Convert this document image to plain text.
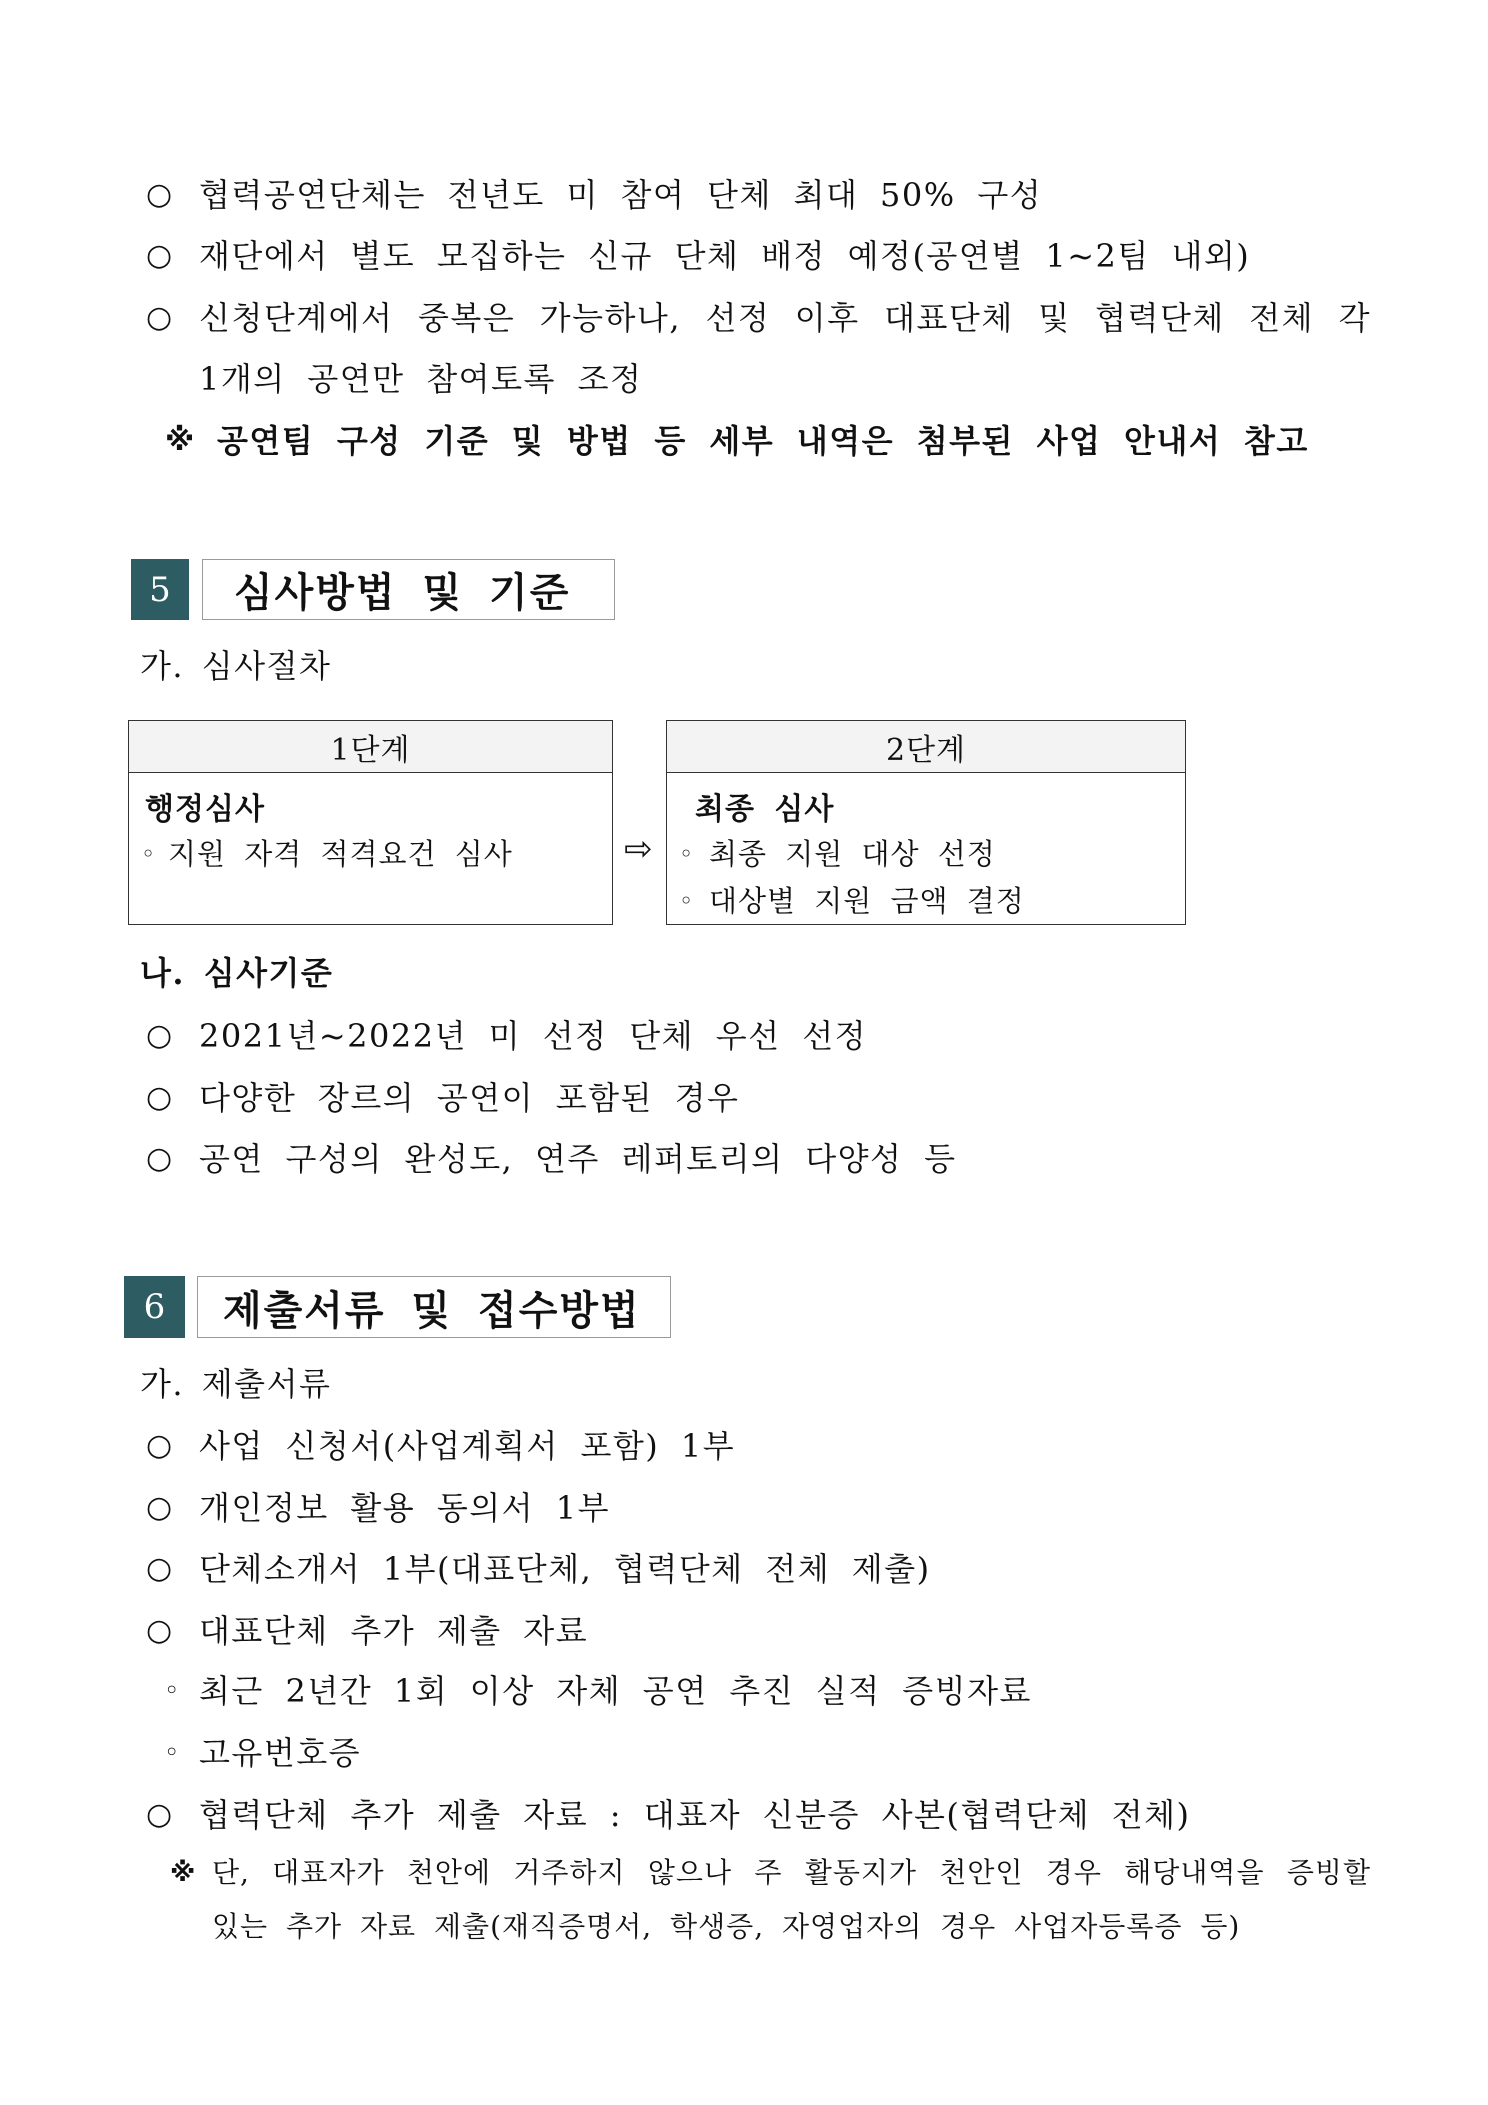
○ 협력공연단체는 전년도 미 참여 단체 최대 50% 구성
○ 재단에서 별도 모집하는 신규 단체 배정 예정(공연별 1~2팀 내외)
○ 신청단계에서 중복은 가능하나, 선정 이후 대표단체 및 협력단체 전체 각
1개의 공연만 참여토록 조정
※ 공연팀 구성 기준 및 방법 등 세부 내역은 첨부된 사업 안내서 참고
5	심사방법 및 기준
가. 심사절차
1단계
행정심사
◦ 지원 자격 적격요건 심사	⇨
2단계
최종 심사
◦ 최종 지원 대상 선정
◦ 대상별 지원 금액 결정
나. 심사기준
○ 2021년~2022년 미 선정 단체 우선 선정
○ 다양한 장르의 공연이 포함된 경우
○ 공연 구성의 완성도, 연주 레퍼토리의 다양성 등
6	제출서류 및 접수방법
가. 제출서류
○ 사업 신청서(사업계획서 포함) 1부
○ 개인정보 활용 동의서 1부
○ 단체소개서 1부(대표단체, 협력단체 전체 제출)
○ 대표단체 추가 제출 자료
◦ 최근 2년간 1회 이상 자체 공연 추진 실적 증빙자료
◦ 고유번호증
○ 협력단체 추가 제출 자료 : 대표자 신분증 사본(협력단체 전체)
※ 단, 대표자가 천안에 거주하지 않으나 주 활동지가 천안인 경우 해당내역을 증빙할
있는 추가 자료 제출(재직증명서, 학생증, 자영업자의 경우 사업자등록증 등)
